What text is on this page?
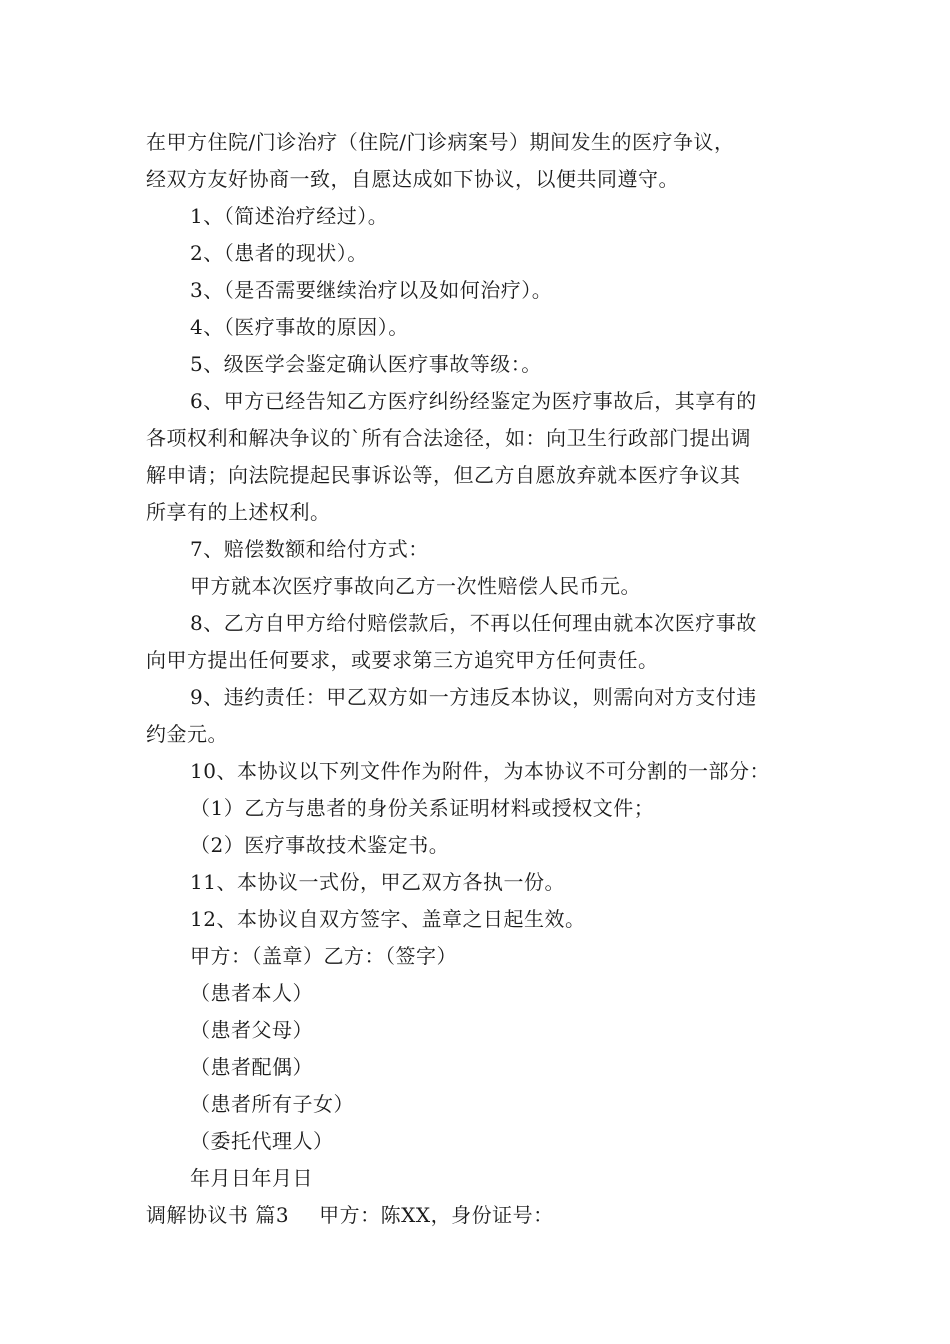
在甲方住院/门诊治疗（住院/门诊病案号）期间发生的医疗争议，
经双方友好协商一致，自愿达成如下协议，以便共同遵守。
1、（简述治疗经过）。
2、（患者的现状）。
3、（是否需要继续治疗以及如何治疗）。
4、（医疗事故的原因）。
5、级医学会鉴定确认医疗事故等级：。
6、甲方已经告知乙方医疗纠纷经鉴定为医疗事故后，其享有的
各项权利和解决争议的`所有合法途径，如：向卫生行政部门提出调
解申请；向法院提起民事诉讼等，但乙方自愿放弃就本医疗争议其
所享有的上述权利。
7、赔偿数额和给付方式：
甲方就本次医疗事故向乙方一次性赔偿人民币元。
8、乙方自甲方给付赔偿款后，不再以任何理由就本次医疗事故
向甲方提出任何要求，或要求第三方追究甲方任何责任。
9、违约责任：甲乙双方如一方违反本协议，则需向对方支付违
约金元。
10、本协议以下列文件作为附件，为本协议不可分割的一部分：
（1）乙方与患者的身份关系证明材料或授权文件；
（2）医疗事故技术鉴定书。
11、本协议一式份，甲乙双方各执一份。
12、本协议自双方签字、盖章之日起生效。
甲方：（盖章）乙方：（签字）
（患者本人）
（患者父母）
（患者配偶）
（患者所有子女）
（委托代理人）
年月日年月日
调解协议书 篇3 甲方：陈XX，身份证号：
